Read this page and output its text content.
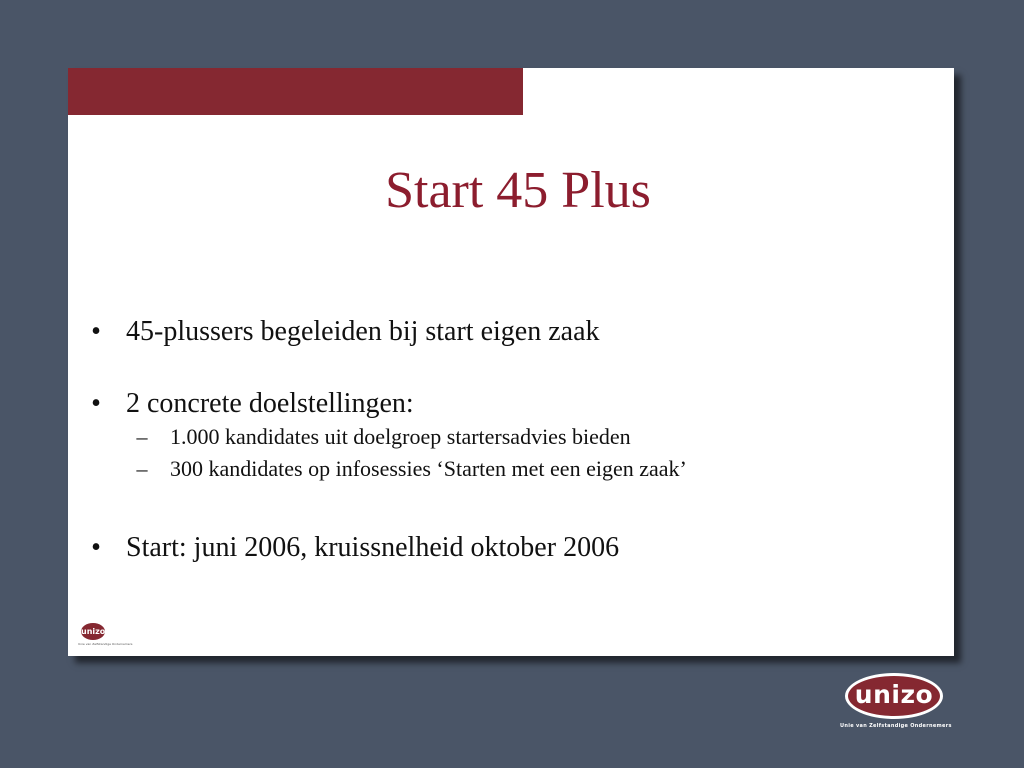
Start 45 Plus
• 45-plussers begeleiden bij start eigen zaak
• 2 concrete doelstellingen:
– 1.000 kandidates uit doelgroep startersadvies bieden
– 300 kandidates op infosessies ‘Starten met een eigen zaak’
• Start: juni 2006, kruissnelheid oktober 2006
unizo
Unie van Zelfstandige Ondernemers
unizo
Unie van Zelfstandige Ondernemers
